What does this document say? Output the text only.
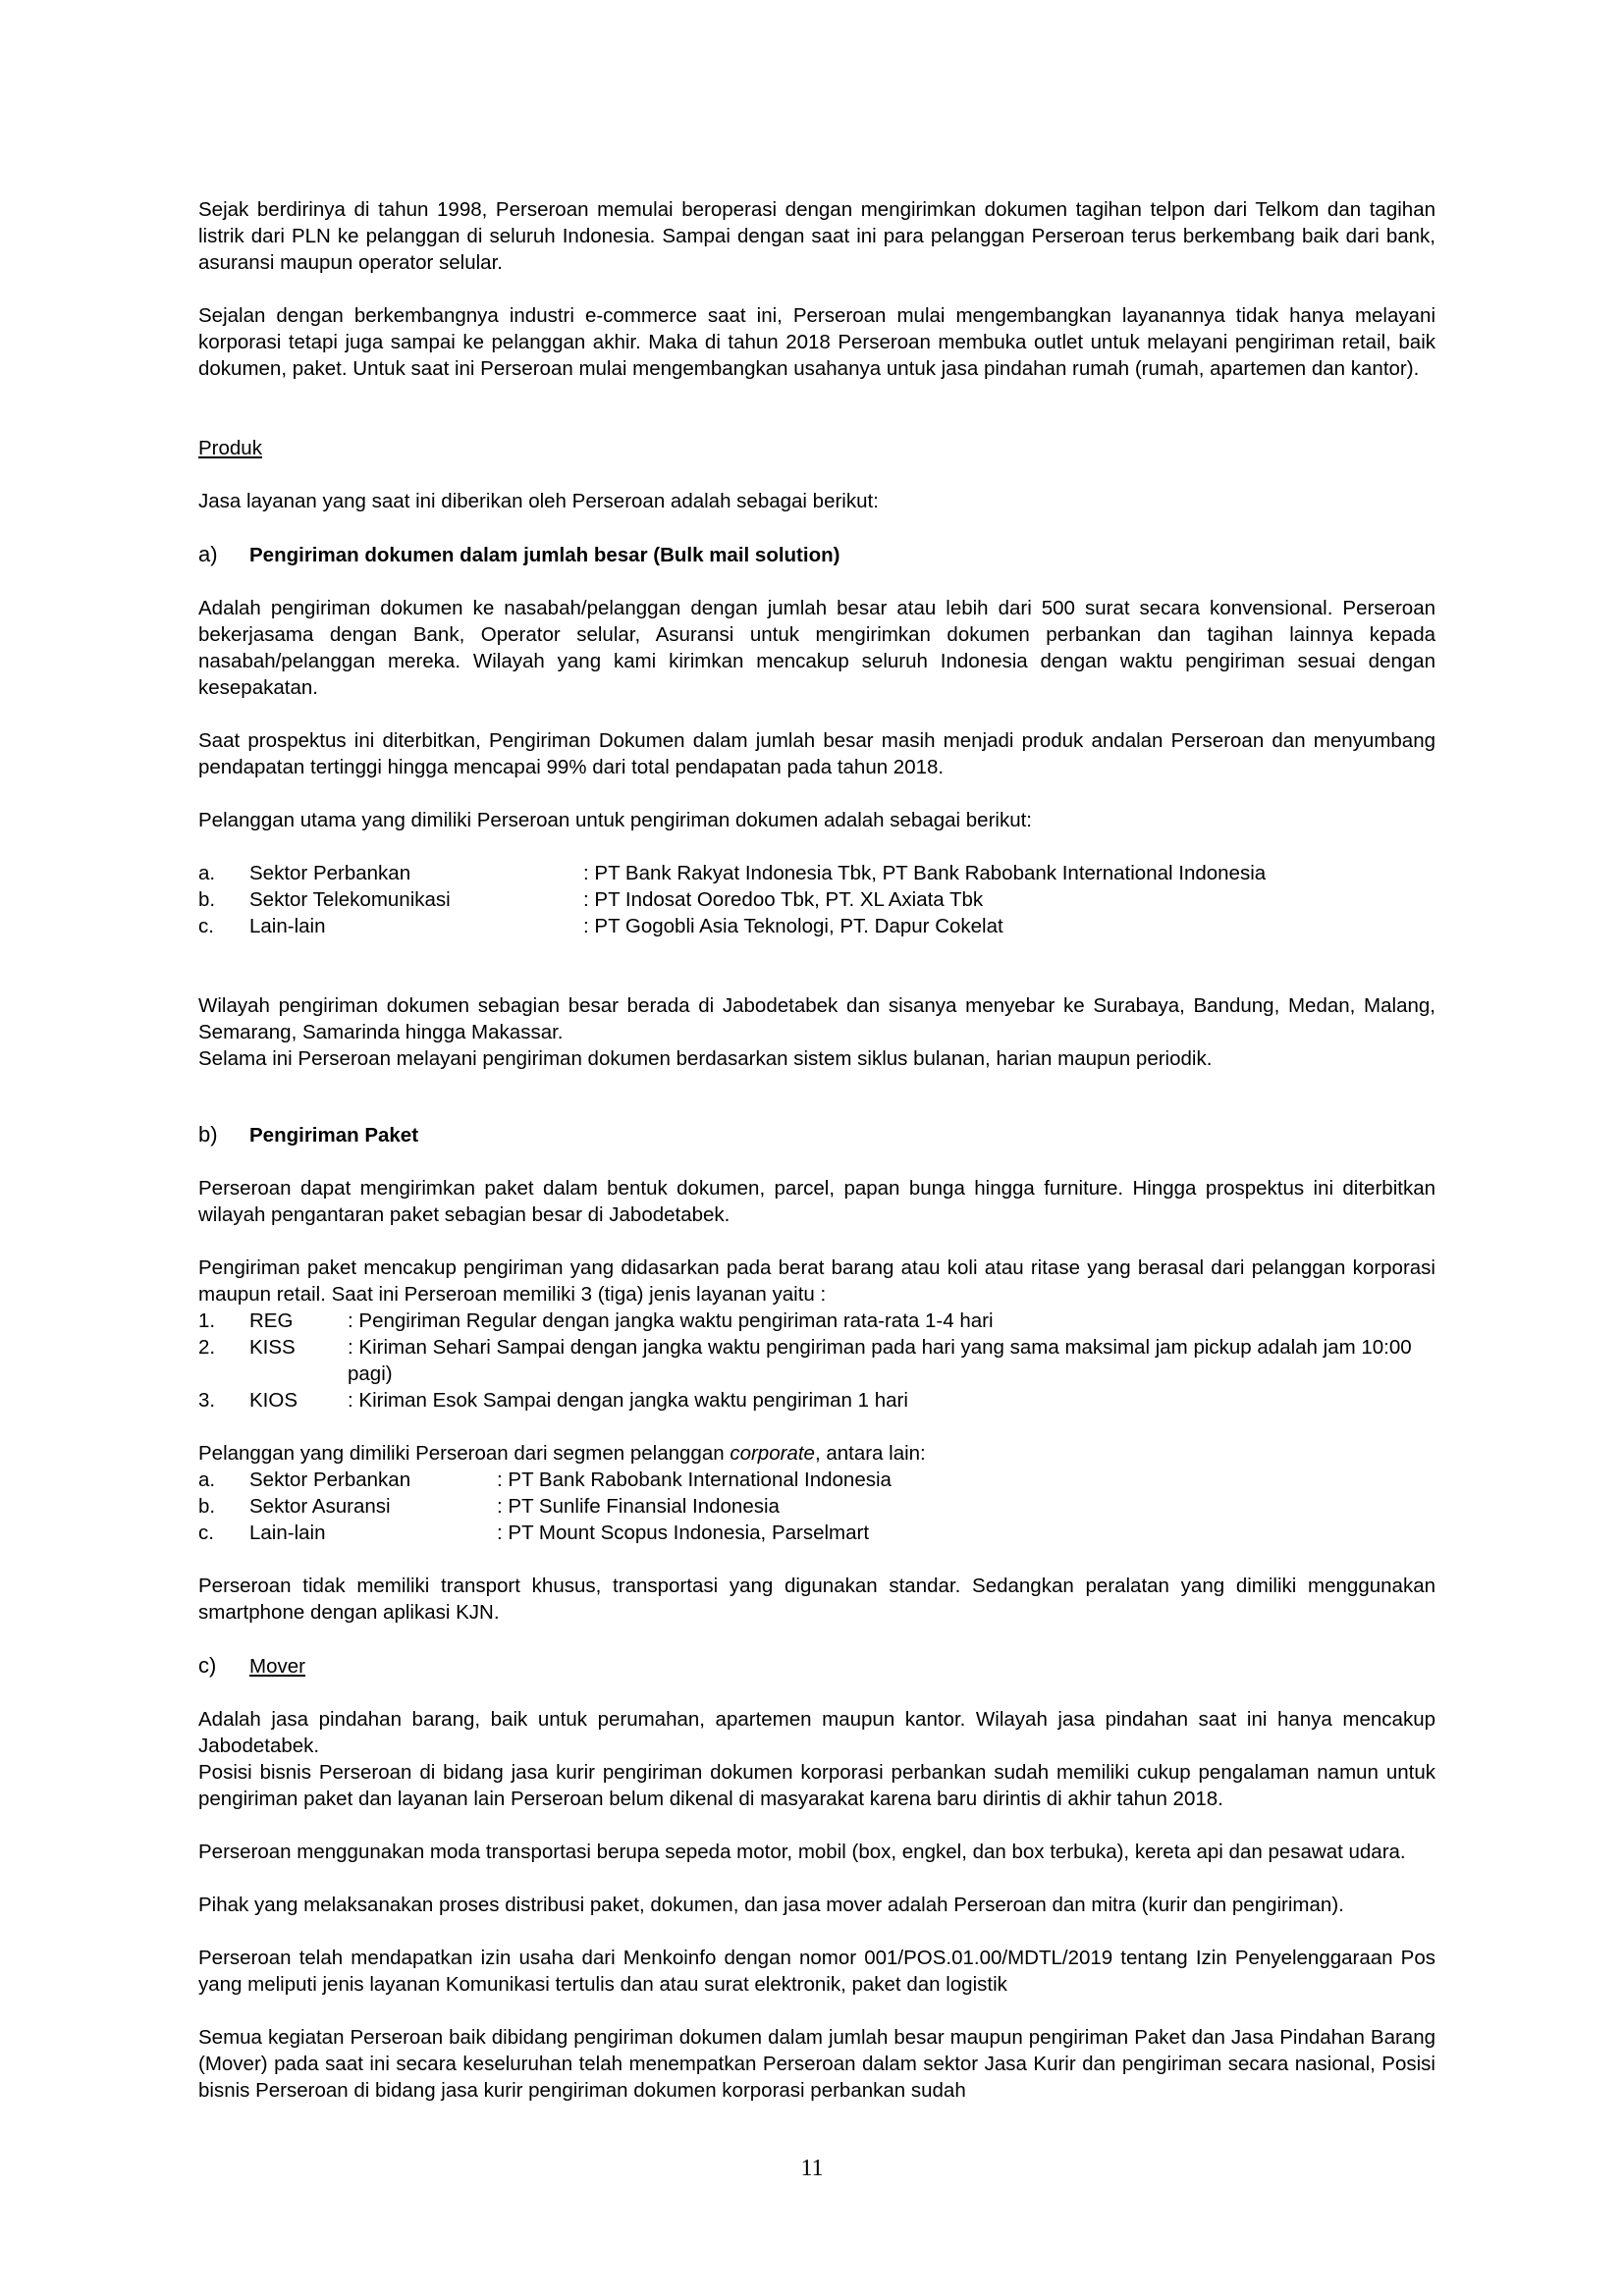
Sejak berdirinya di tahun 1998, Perseroan memulai beroperasi dengan mengirimkan dokumen tagihan telpon dari Telkom dan tagihan listrik dari PLN ke pelanggan di seluruh Indonesia. Sampai dengan saat ini para pelanggan Perseroan terus berkembang baik dari bank, asuransi maupun operator selular.

Sejalan dengan berkembangnya industri e-commerce saat ini, Perseroan mulai mengembangkan layanannya tidak hanya melayani korporasi tetapi juga sampai ke pelanggan akhir. Maka di tahun 2018 Perseroan membuka outlet untuk melayani pengiriman retail, baik dokumen, paket. Untuk saat ini Perseroan mulai mengembangkan usahanya untuk jasa pindahan rumah (rumah, apartemen dan kantor).

Produk

Jasa layanan yang saat ini diberikan oleh Perseroan adalah sebagai berikut:

a)	Pengiriman dokumen dalam jumlah besar (Bulk mail solution)

Adalah pengiriman dokumen ke nasabah/pelanggan dengan jumlah besar atau lebih dari 500 surat secara konvensional. Perseroan bekerjasama dengan Bank, Operator selular, Asuransi untuk mengirimkan dokumen perbankan dan tagihan lainnya kepada nasabah/pelanggan mereka. Wilayah yang kami kirimkan mencakup seluruh Indonesia dengan waktu pengiriman sesuai dengan kesepakatan.

Saat prospektus ini diterbitkan, Pengiriman Dokumen dalam jumlah besar masih menjadi produk andalan Perseroan dan menyumbang pendapatan tertinggi hingga mencapai 99% dari total pendapatan pada tahun 2018.

Pelanggan utama yang dimiliki Perseroan untuk pengiriman dokumen adalah sebagai berikut:

a.	Sektor Perbankan	: PT Bank Rakyat Indonesia Tbk, PT Bank Rabobank International Indonesia
b.	Sektor Telekomunikasi	: PT Indosat Ooredoo Tbk, PT. XL Axiata Tbk
c.	Lain-lain	: PT Gogobli Asia Teknologi, PT. Dapur Cokelat

Wilayah pengiriman dokumen sebagian besar berada di Jabodetabek dan sisanya menyebar ke Surabaya, Bandung, Medan, Malang, Semarang, Samarinda hingga Makassar.

Selama ini Perseroan melayani pengiriman dokumen berdasarkan sistem siklus bulanan, harian maupun periodik.

b)	Pengiriman Paket

Perseroan dapat mengirimkan paket dalam bentuk dokumen, parcel, papan bunga hingga furniture. Hingga prospektus ini diterbitkan wilayah pengantaran paket sebagian besar di Jabodetabek.

Pengiriman paket mencakup pengiriman yang didasarkan pada berat barang atau koli atau ritase yang berasal dari pelanggan korporasi maupun retail. Saat ini Perseroan memiliki 3 (tiga) jenis layanan yaitu :

1.	REG	: Pengiriman Regular dengan jangka waktu pengiriman rata-rata 1-4 hari
2.	KISS	: Kiriman Sehari Sampai dengan jangka waktu pengiriman pada hari yang sama maksimal jam pickup adalah jam 10:00 pagi)
3.	KIOS	: Kiriman Esok Sampai dengan jangka waktu pengiriman 1 hari

Pelanggan yang dimiliki Perseroan dari segmen pelanggan corporate, antara lain:

a.	Sektor Perbankan	: PT Bank Rabobank International Indonesia
b.	Sektor Asuransi	: PT Sunlife Finansial Indonesia
c.	Lain-lain	: PT Mount Scopus Indonesia, Parselmart

Perseroan tidak memiliki transport khusus, transportasi yang digunakan standar. Sedangkan peralatan yang dimiliki menggunakan smartphone dengan aplikasi KJN.

c)	Mover

Adalah jasa pindahan barang, baik untuk perumahan, apartemen maupun kantor. Wilayah jasa pindahan saat ini hanya mencakup Jabodetabek.

Posisi bisnis Perseroan di bidang jasa kurir pengiriman dokumen korporasi perbankan sudah memiliki cukup pengalaman namun untuk pengiriman paket dan layanan lain Perseroan belum dikenal di masyarakat karena baru dirintis di akhir tahun 2018.

Perseroan menggunakan moda transportasi berupa sepeda motor, mobil (box, engkel, dan box terbuka), kereta api dan pesawat udara.

Pihak yang melaksanakan proses distribusi paket, dokumen, dan jasa mover adalah Perseroan dan mitra (kurir dan pengiriman).

Perseroan telah mendapatkan izin usaha dari Menkoinfo dengan nomor 001/POS.01.00/MDTL/2019 tentang Izin Penyelenggaraan Pos yang meliputi jenis layanan Komunikasi tertulis dan atau surat elektronik, paket dan logistik

Semua kegiatan Perseroan baik dibidang pengiriman dokumen dalam jumlah besar maupun pengiriman Paket dan Jasa Pindahan Barang (Mover) pada saat ini secara keseluruhan telah menempatkan Perseroan dalam sektor Jasa Kurir dan pengiriman secara nasional, Posisi bisnis Perseroan di bidang jasa kurir pengiriman dokumen korporasi perbankan sudah

11
